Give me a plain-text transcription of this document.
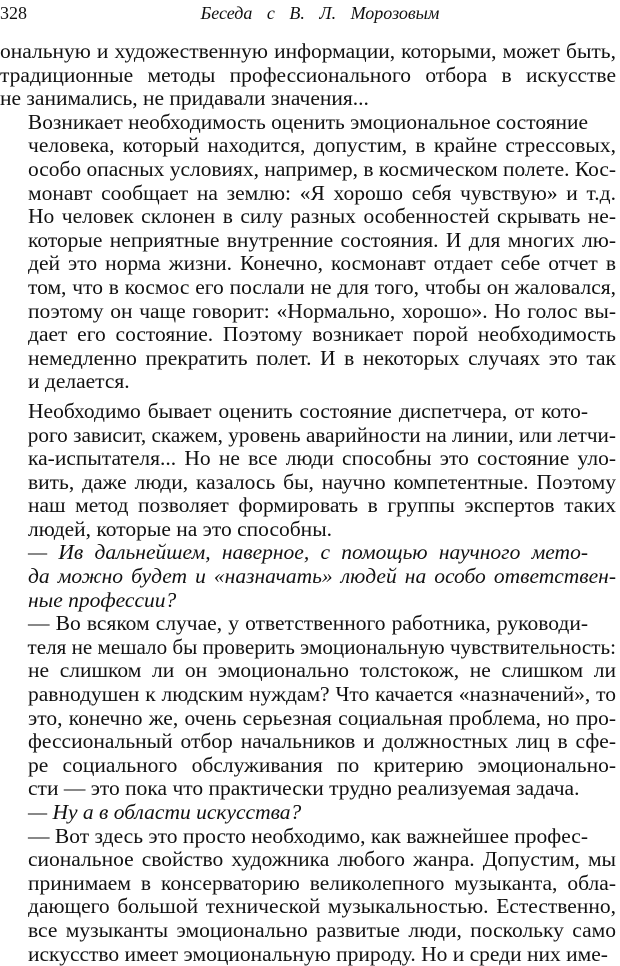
328	Беседа с В. Л. Морозовым

ональную и художественную информации, которыми, может быть,
традиционные методы профессионального отбора в искусстве
не занимались, не придавали значения...

Возникает необходимость оценить эмоциональное состояние
человека, который находится, допустим, в крайне стрессовых,
особо опасных условиях, например, в космическом полете. Кос-
монавт сообщает на землю: «Я хорошо себя чувствую» и т.д.
Но человек склонен в силу разных особенностей скрывать не-
которые неприятные внутренние состояния. И для многих лю-
дей это норма жизни. Конечно, космонавт отдает себе отчет в
том, что в космос его послали не для того, чтобы он жаловался,
поэтому он чаще говорит: «Нормально, хорошо». Но голос вы-
дает его состояние. Поэтому возникает порой необходимость
немедленно прекратить полет. И в некоторых случаях это так
и делается.

Необходимо бывает оценить состояние диспетчера, от кото-
рого зависит, скажем, уровень аварийности на линии, или летчи-
ка-испытателя... Но не все люди способны это состояние уло-
вить, даже люди, казалось бы, научно компетентные. Поэтому
наш метод позволяет формировать в группы экспертов таких
людей, которые на это способны.

— Ив дальнейшем, наверное, с помощью научного мето-
да можно будет и «назначать» людей на особо ответствен-
ные профессии?

— Во всяком случае, у ответственного работника, руководи-
теля не мешало бы проверить эмоциональную чувствительность:
не слишком ли он эмоционально толстокож, не слишком ли
равнодушен к людским нуждам? Что качается «назначений», то
это, конечно же, очень серьезная социальная проблема, но про-
фессиональный отбор начальников и должностных лиц в сфе-
ре социального обслуживания по критерию эмоционально-
сти — это пока что практически трудно реализуемая задача.

— Ну а в области искусства?

— Вот здесь это просто необходимо, как важнейшее профес-
сиональное свойство художника любого жанра. Допустим, мы
принимаем в консерваторию великолепного музыканта, обла-
дающего большой технической музыкальностью. Естественно,
все музыканты эмоционально развитые люди, поскольку само
искусство имеет эмоциональную природу. Но и среди них име-
